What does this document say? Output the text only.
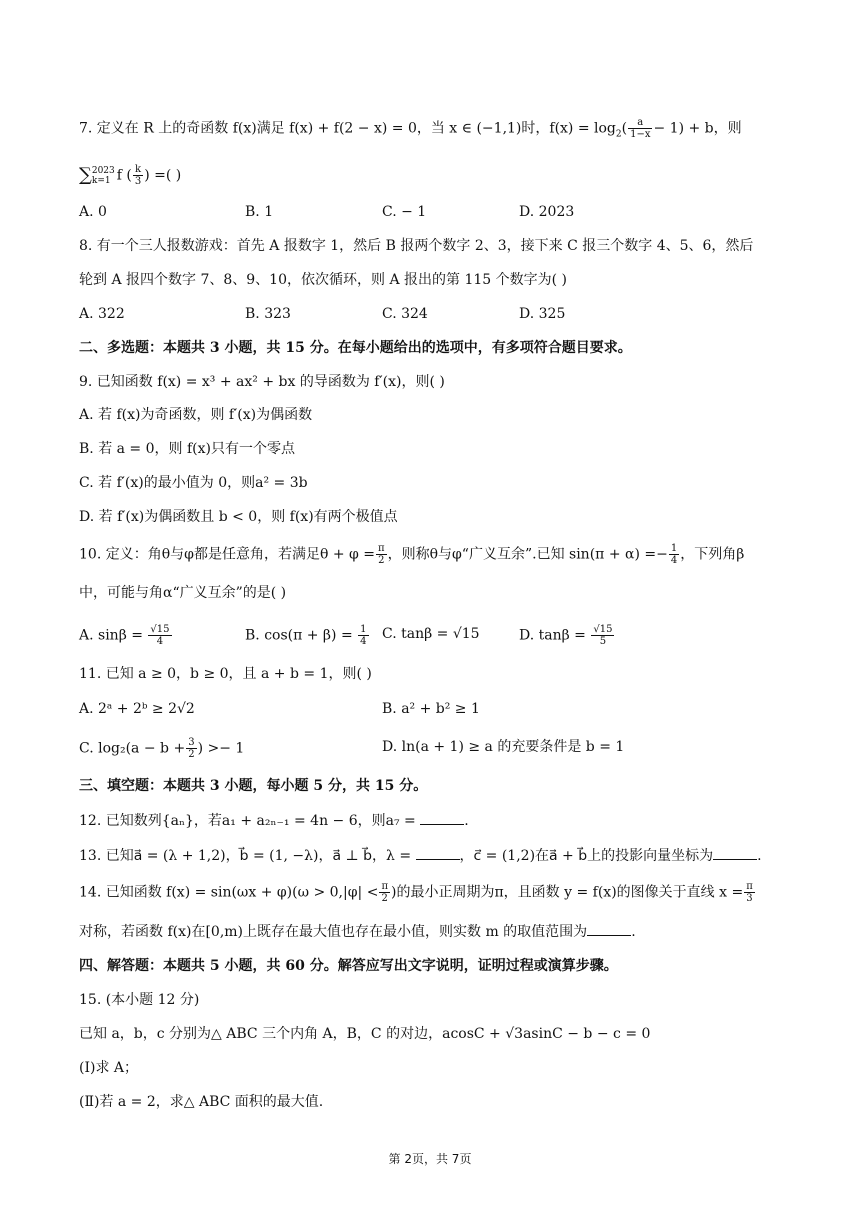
7. 定义在 R 上的奇函数 f(x)满足 f(x) + f(2 − x) = 0，当 x ∈ (−1,1)时，$f(x) = \log_2( \frac{a}{1-x} - 1) + b$，则
∑ 2023
k=1 f ( $\frac{k}{3}$ ) =( )
A. 0	B. 1	C. − 1	D. 2023
8. 有一个三人报数游戏：首先 A 报数字 1，然后 B 报两个数字 2、3，接下来 C 报三个数字 4、5、6，然后
轮到 A 报四个数字 7、8、9、10，依次循环，则 A 报出的第 115 个数字为( )
A. 322	B. 323	C. 324	D. 325
二、多选题：本题共 3 小题，共 15 分。在每小题给出的选项中，有多项符合题目要求。
9. 已知函数 f(x) = x³ + ax² + bx 的导函数为 f′(x)，则( )
A. 若 f(x)为奇函数，则 f′(x)为偶函数
B. 若 a = 0，则 f(x)只有一个零点
C. 若 f′(x)的最小值为 0，则a² = 3b
D. 若 f′(x)为偶函数且 b < 0，则 f(x)有两个极值点
10. 定义：角θ与φ都是任意角，若满足$\theta + \varphi = \frac{\pi}{2}$ ，则称θ与φ“广义互余”.已知 $\sin(\pi + \alpha) =- \frac{1}{4}$ ，下列角β
中，可能与角α“广义互余”的是( )
A. $\sin\beta = \frac{√15}{4}$	B. $\cos(\pi + \beta) = \frac{1}{4} C$. tanβ = √15	D. $\tan\beta = \frac{√15}{5}$
11. 已知 a ≥ 0，b ≥ 0，且 a + b = 1，则( )
A. 2ᵃ + 2ᵇ ≥ 2√2	B. a² + b² ≥ 1
C. $\log_2(a - b + \frac{3}{2}$ ) >− 1	D. ln(a + 1) ≥ a 的充要条件是 b = 1
三、填空题：本题共 3 小题，每小题 5 分，共 15 分。
12. 已知数列{aₙ}，若a₁ + a₂ₙ₋₁ = 4n − 6，则a₇ =	.
13. 已知a⃗ = (λ + 1,2)，b⃗ = (1, −λ)，a⃗ ⊥ b⃗，λ =	，c⃗ = (1,2)在a⃗ + b⃗上的投影向量坐标为	.
14. 已知函数 $f(x) = \sin(\omega x + \varphi)(\omega > 0,|\varphi| < \frac{\pi}{2}$ )的最小正周期为π，且函数 y = f(x)的图像关于直线 $x = \frac{\pi}{3}$
对称，若函数 f(x)在[0,m)上既存在最大值也存在最小值，则实数 m 的取值范围为	.
四、解答题：本题共 5 小题，共 60 分。解答应写出文字说明，证明过程或演算步骤。
15. (本小题 12 分)
已知 a，b，c 分别为△ ABC 三个内角 A，B，C 的对边，acosC + √3asinC − b − c = 0
(Ⅰ)求 A；
(Ⅱ)若 a = 2，求△ ABC 面积的最大值.
第 2页，共 7页
